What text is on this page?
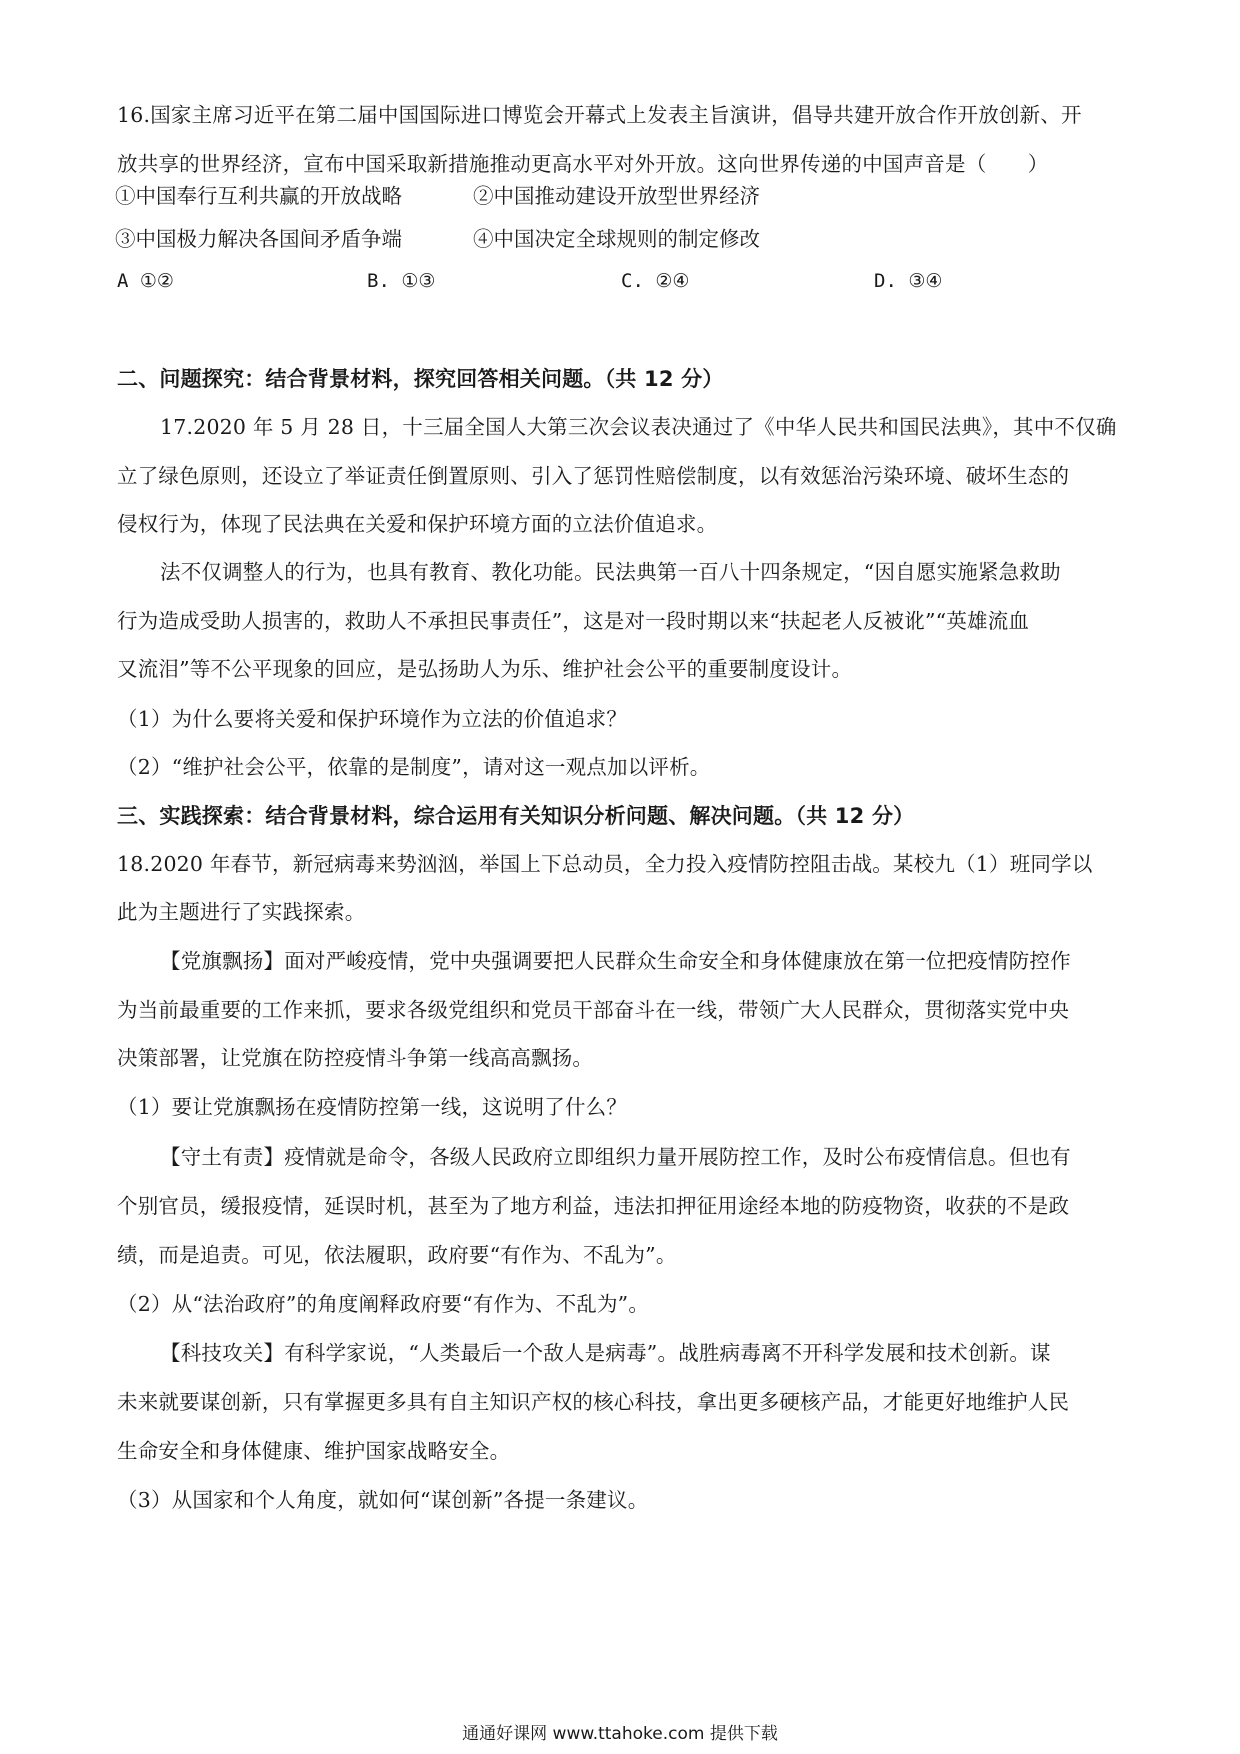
16.国家主席习近平在第二届中国国际进口博览会开幕式上发表主旨演讲，倡导共建开放合作开放创新、开
放共享的世界经济，宣布中国采取新措施推动更高水平对外开放。这向世界传递的中国声音是（　　）
①中国奉行互利共赢的开放战略	②中国推动建设开放型世界经济
③中国极力解决各国间矛盾争端	④中国决定全球规则的制定修改
A ①②	B. ①③	C. ②④	D. ③④
二、问题探究：结合背景材料，探究回答相关问题。（共 12 分）
17.2020 年 5 月 28 日，十三届全国人大第三次会议表决通过了《中华人民共和国民法典》，其中不仅确
立了绿色原则，还设立了举证责任倒置原则、引入了惩罚性赔偿制度，以有效惩治污染环境、破坏生态的
侵权行为，体现了民法典在关爱和保护环境方面的立法价值追求。
法不仅调整人的行为，也具有教育、教化功能。民法典第一百八十四条规定，“因自愿实施紧急救助
行为造成受助人损害的，救助人不承担民事责任”，这是对一段时期以来“扶起老人反被讹”“英雄流血
又流泪”等不公平现象的回应，是弘扬助人为乐、维护社会公平的重要制度设计。
（1）为什么要将关爱和保护环境作为立法的价值追求？
（2）“维护社会公平，依靠的是制度”，请对这一观点加以评析。
三、实践探索：结合背景材料，综合运用有关知识分析问题、解决问题。（共 12 分）
18.2020 年春节，新冠病毒来势汹汹，举国上下总动员，全力投入疫情防控阻击战。某校九（1）班同学以
此为主题进行了实践探索。
【党旗飘扬】面对严峻疫情，党中央强调要把人民群众生命安全和身体健康放在第一位把疫情防控作
为当前最重要的工作来抓，要求各级党组织和党员干部奋斗在一线，带领广大人民群众，贯彻落实党中央
决策部署，让党旗在防控疫情斗争第一线高高飘扬。
（1）要让党旗飘扬在疫情防控第一线，这说明了什么？
【守土有责】疫情就是命令，各级人民政府立即组织力量开展防控工作，及时公布疫情信息。但也有
个别官员，缓报疫情，延误时机，甚至为了地方利益，违法扣押征用途经本地的防疫物资，收获的不是政
绩，而是追责。可见，依法履职，政府要“有作为、不乱为”。
（2）从“法治政府”的角度阐释政府要“有作为、不乱为”。
【科技攻关】有科学家说，“人类最后一个敌人是病毒”。战胜病毒离不开科学发展和技术创新。谋
未来就要谋创新，只有掌握更多具有自主知识产权的核心科技，拿出更多硬核产品，才能更好地维护人民
生命安全和身体健康、维护国家战略安全。
（3）从国家和个人角度，就如何“谋创新”各提一条建议。
通通好课网 www.ttahoke.com 提供下载
